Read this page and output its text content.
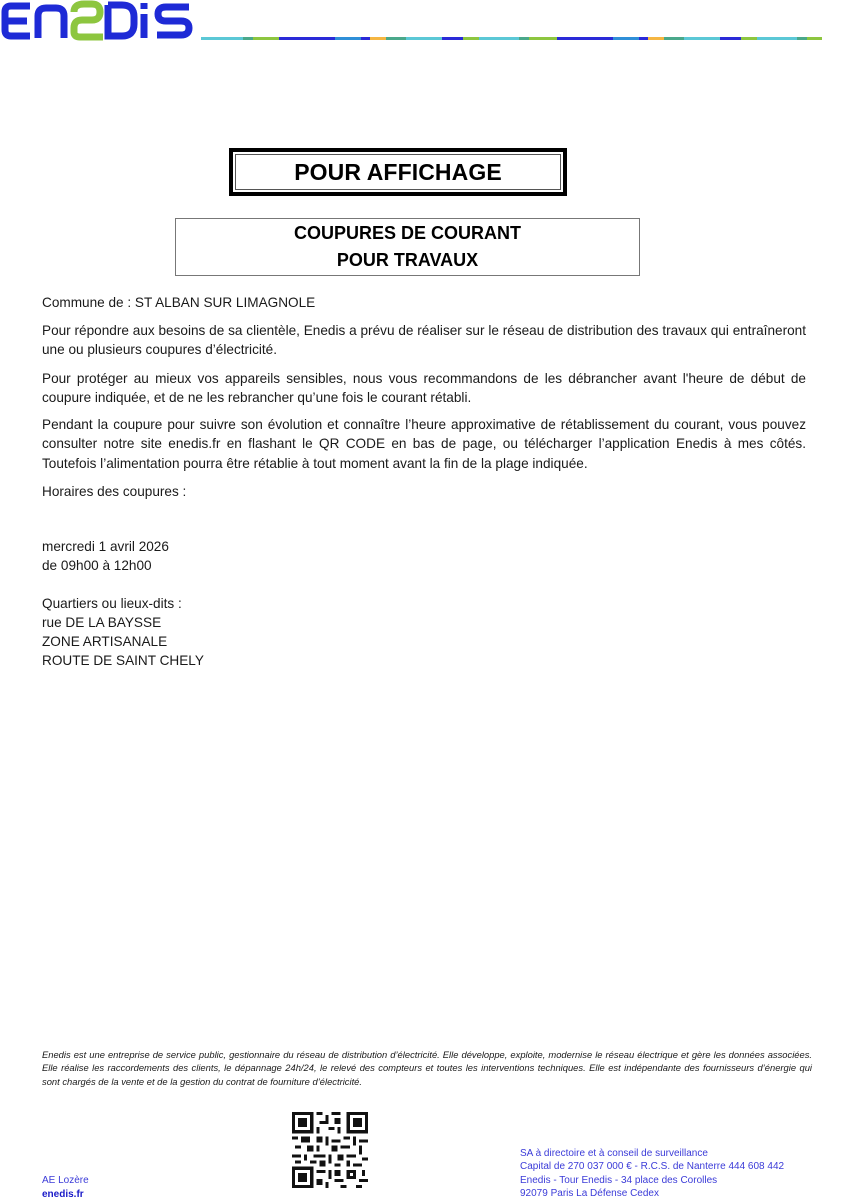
POUR AFFICHAGE
COUPURES DE COURANT
POUR TRAVAUX
Commune de : ST ALBAN SUR LIMAGNOLE
Pour répondre aux besoins de sa clientèle, Enedis a prévu de réaliser sur le réseau de distribution des travaux qui entraîneront une ou plusieurs coupures d’électricité.
Pour protéger au mieux vos appareils sensibles, nous vous recommandons de les débrancher avant l'heure de début de coupure indiquée, et de ne les rebrancher qu’une fois le courant rétabli.
Pendant la coupure pour suivre son évolution et connaître l’heure approximative de rétablissement du courant, vous pouvez consulter notre site enedis.fr en flashant le QR CODE en bas de page, ou télécharger l’application Enedis à mes côtés. Toutefois l’alimentation pourra être rétablie à tout moment avant la fin de la plage indiquée.
Horaires des coupures :
mercredi 1 avril 2026
de 09h00 à 12h00
Quartiers ou lieux-dits :
rue DE LA BAYSSE
ZONE ARTISANALE
ROUTE DE SAINT CHELY
Enedis est une entreprise de service public, gestionnaire du réseau de distribution d’électricité. Elle développe, exploite, modernise le réseau électrique et gère les données associées. Elle réalise les raccordements des clients, le dépannage 24h/24, le relevé des compteurs et toutes les interventions techniques. Elle est indépendante des fournisseurs d’énergie qui sont chargés de la vente et de la gestion du contrat de fourniture d’électricité.
AE Lozère
enedis.fr
SA à directoire et à conseil de surveillance
Capital de 270 037 000 € - R.C.S. de Nanterre 444 608 442
Enedis - Tour Enedis - 34 place des Corolles
92079 Paris La Défense Cedex
